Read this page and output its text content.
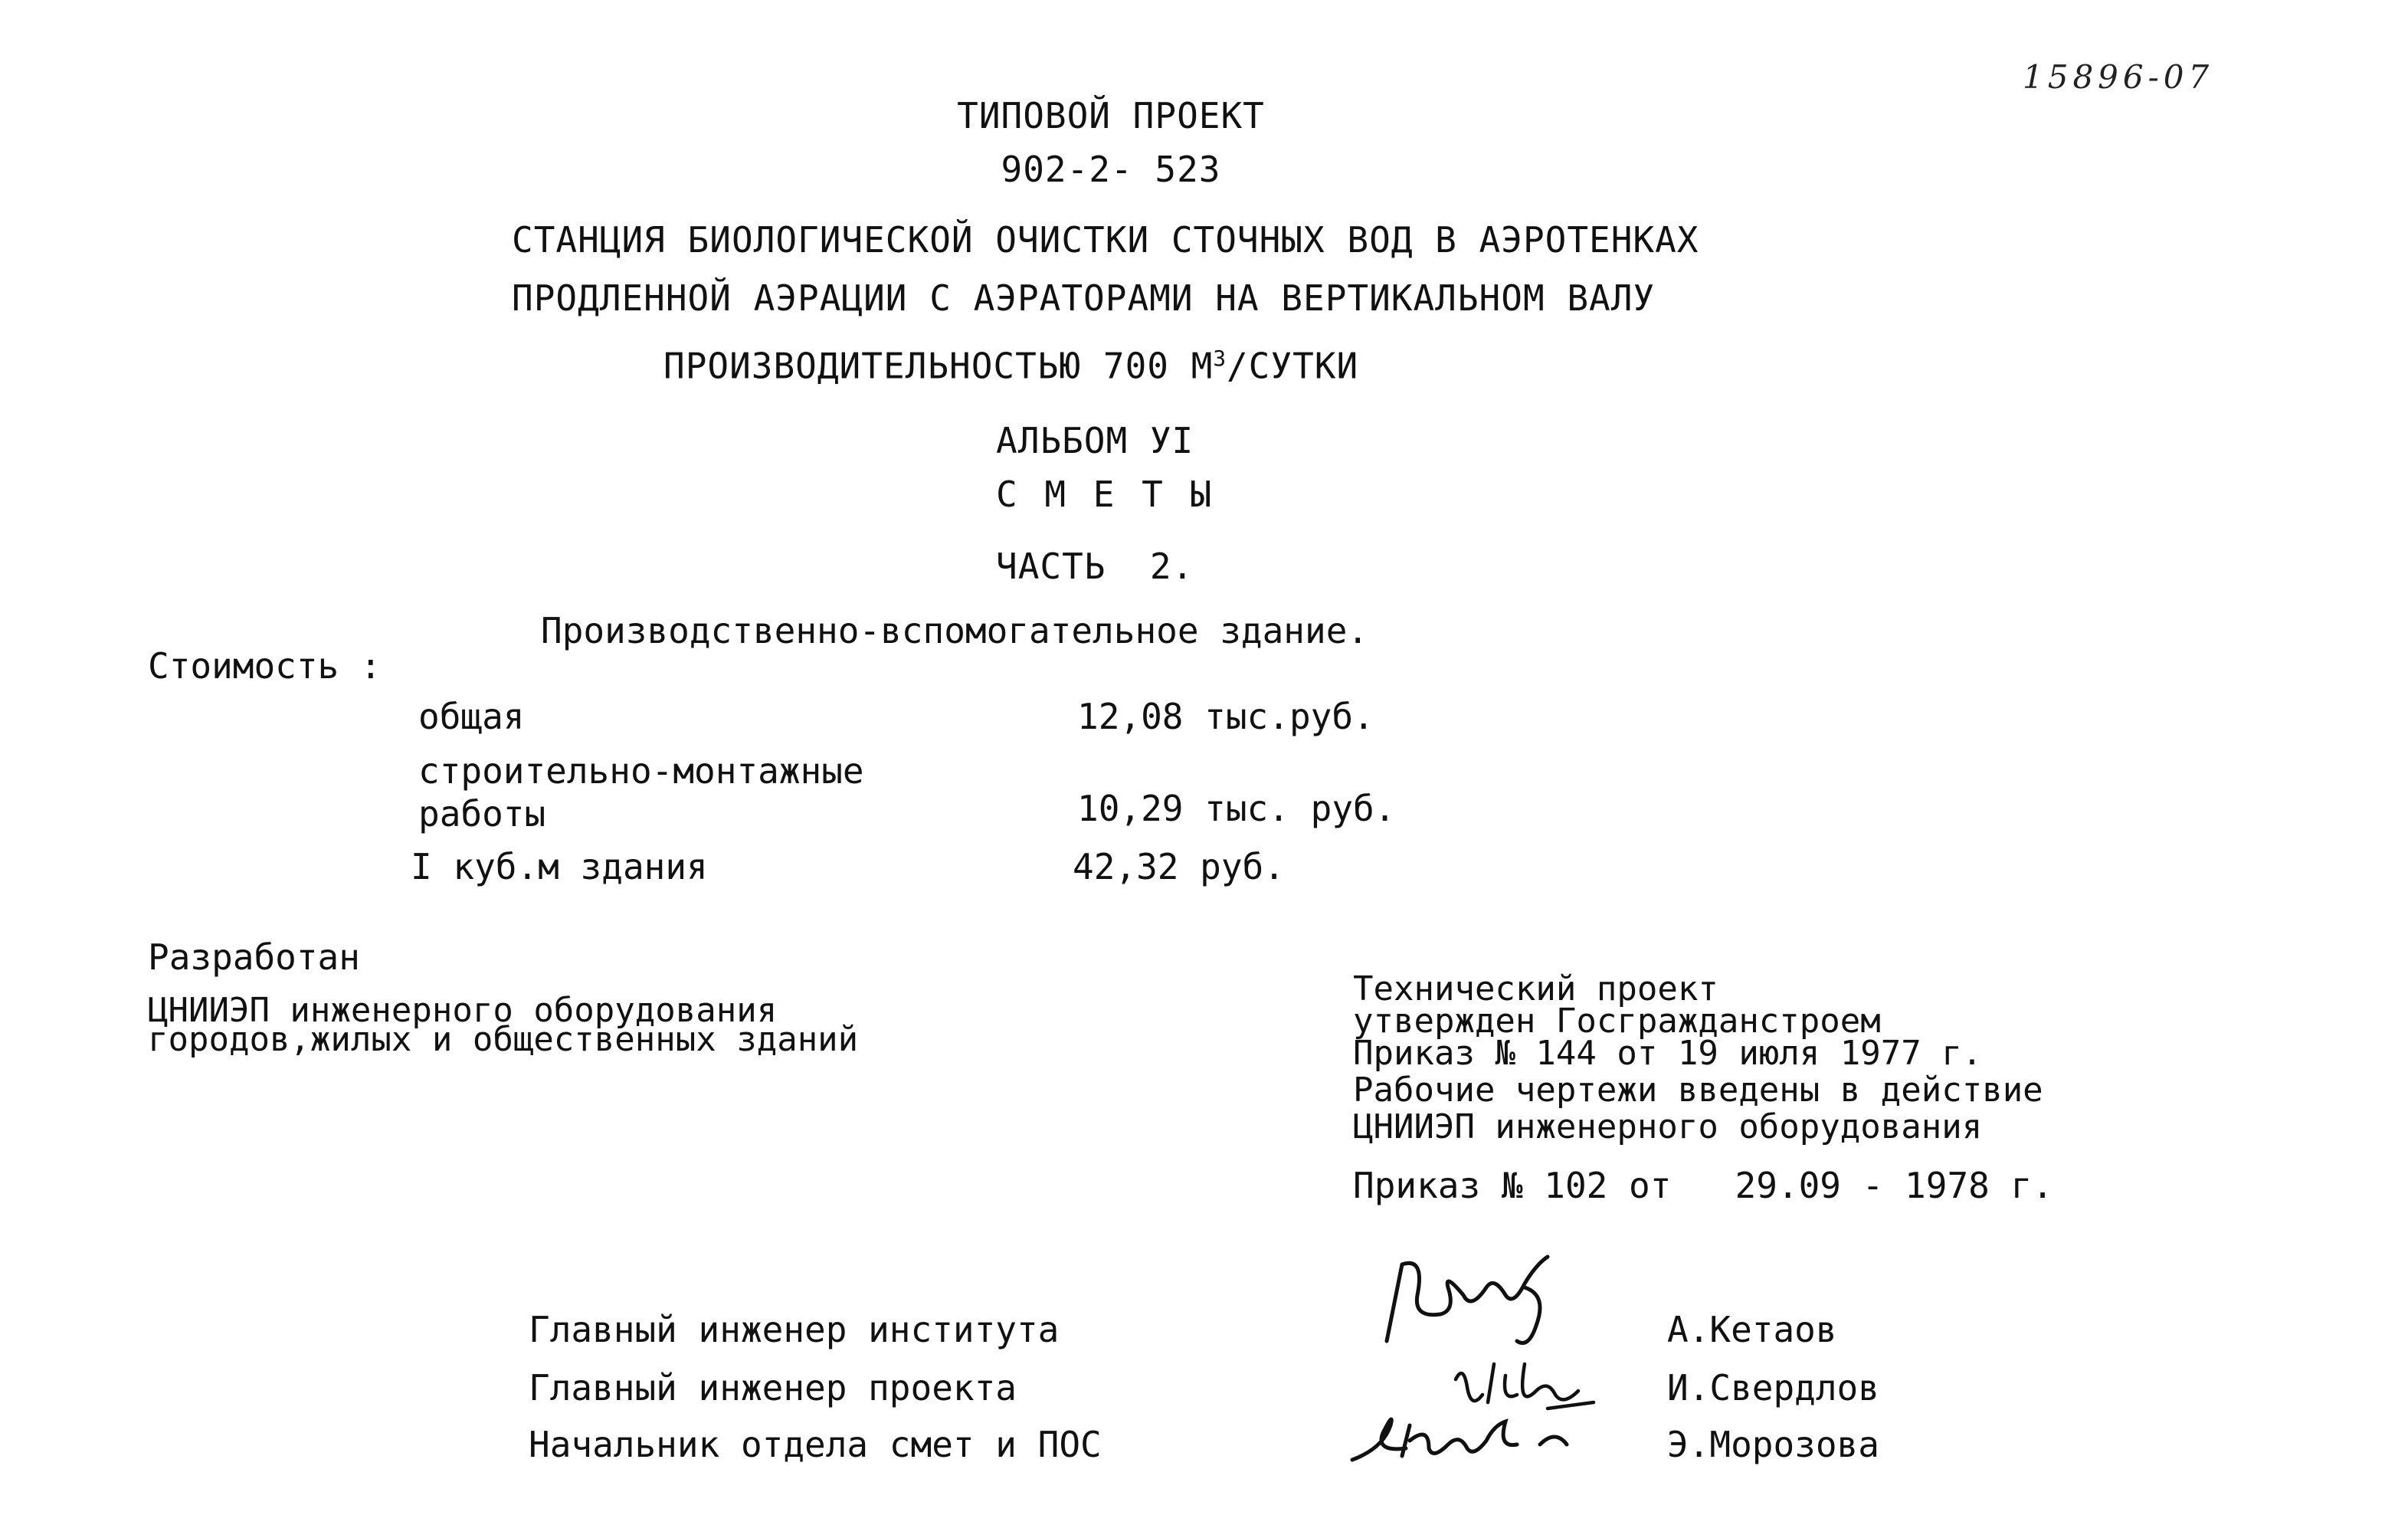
15896-07
ТИПОВОЙ ПРОЕКТ
902-2- 523
СТАНЦИЯ БИОЛОГИЧЕСКОЙ ОЧИСТКИ СТОЧНЫХ ВОД В АЭРОТЕНКАХ
ПРОДЛЕННОЙ АЭРАЦИИ С АЭРАТОРАМИ НА ВЕРТИКАЛЬНОМ ВАЛУ
ПРОИЗВОДИТЕЛЬНОСТЬЮ 700 $М^3$/СУТКИ
АЛЬБОМ УI
С М Е Т Ы
ЧАСТЬ  2.
Производственно-вспомогательное здание.
Стоимость :
общая	12,08 тыс.руб.
строительно-монтажные
работы	10,29 тыс. руб.
I куб.м здания	42,32 руб.
Разработан
ЦНИИЭП инженерного оборудования
городов,жилых и общественных зданий
Технический проект
утвержден Госгражданстроем
Приказ № 144 от 19 июля 1977 г.
Рабочие чертежи введены в действие
ЦНИИЭП инженерного оборудования
Приказ № 102 от   29.09 - 1978 г.
Главный инженер института	А.Кетаов
Главный инженер проекта	И.Свердлов
Начальник отдела смет и ПОС	Э.Морозова
